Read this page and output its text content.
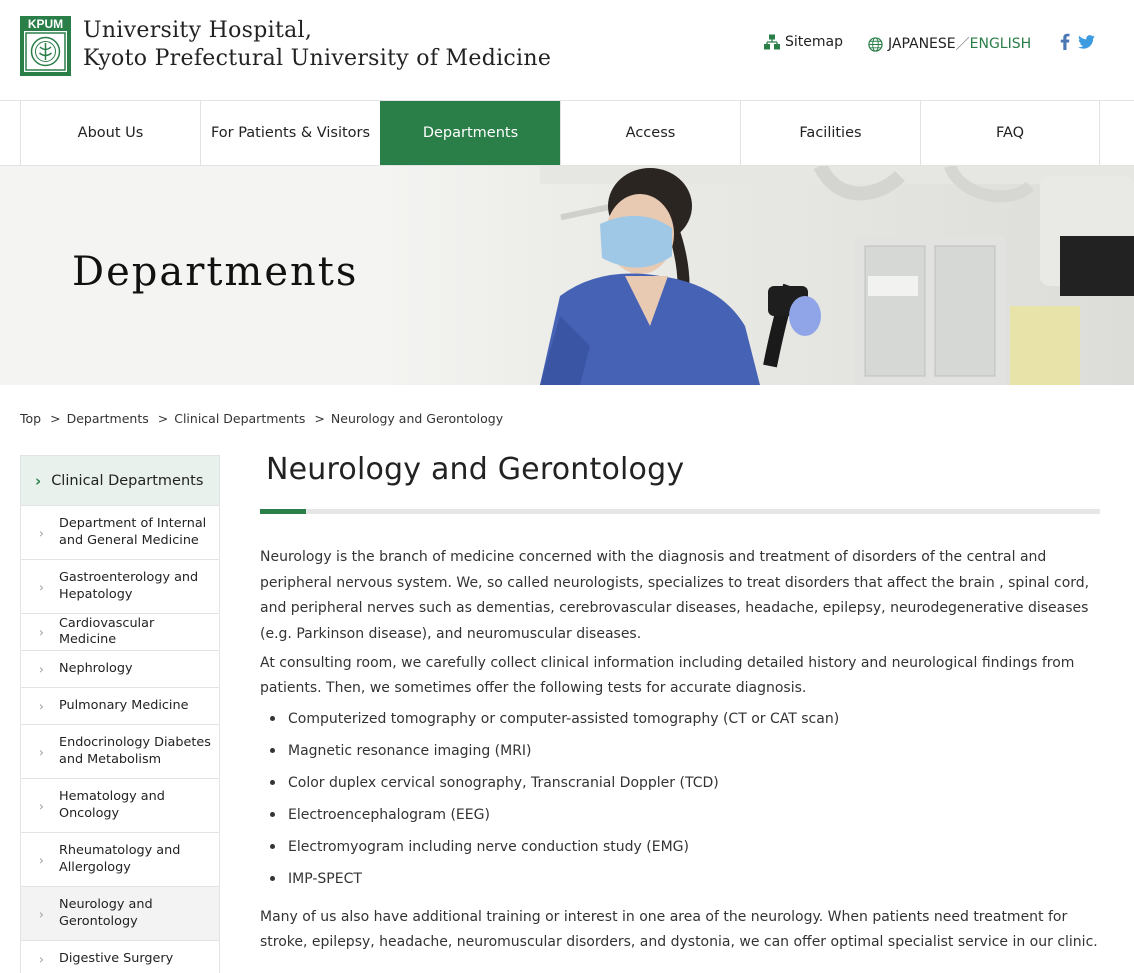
KPUM University Hospital,
Kyoto Prefectural University of Medicine
Sitemap	JAPANESE ／ ENGLISH
About Us	For Patients & Visitors	Departments	Access	Facilities	FAQ
Departments
Top > Departments > Clinical Departments > Neurology and Gerontology
› Clinical Departments
›
Department of Internal and General Medicine
›
Gastroenterology and Hepatology
›
Cardiovascular Medicine
› Nephrology
› Pulmonary Medicine
›
Endocrinology Diabetes and Metabolism
›
Hematology and Oncology
›
Rheumatology and Allergology
›
Neurology and Gerontology
› Digestive Surgery
Neurology and Gerontology

Neurology is the branch of medicine concerned with the diagnosis and treatment of disorders of the central and peripheral nervous system. We, so called neurologists, specializes to treat disorders that affect the brain , spinal cord, and peripheral nerves such as dementias, cerebrovascular diseases, headache, epilepsy, neurodegenerative diseases (e.g. Parkinson disease), and neuromuscular diseases.

At consulting room, we carefully collect clinical information including detailed history and neurological findings from patients. Then, we sometimes offer the following tests for accurate diagnosis.

Computerized tomography or computer-assisted tomography (CT or CAT scan)
Magnetic resonance imaging (MRI)
Color duplex cervical sonography, Transcranial Doppler (TCD)
Electroencephalogram (EEG)
Electromyogram including nerve conduction study (EMG)
IMP-SPECT

Many of us also have additional training or interest in one area of the neurology. When patients need treatment for stroke, epilepsy, headache, neuromuscular disorders, and dystonia, we can offer optimal specialist service in our clinic.
